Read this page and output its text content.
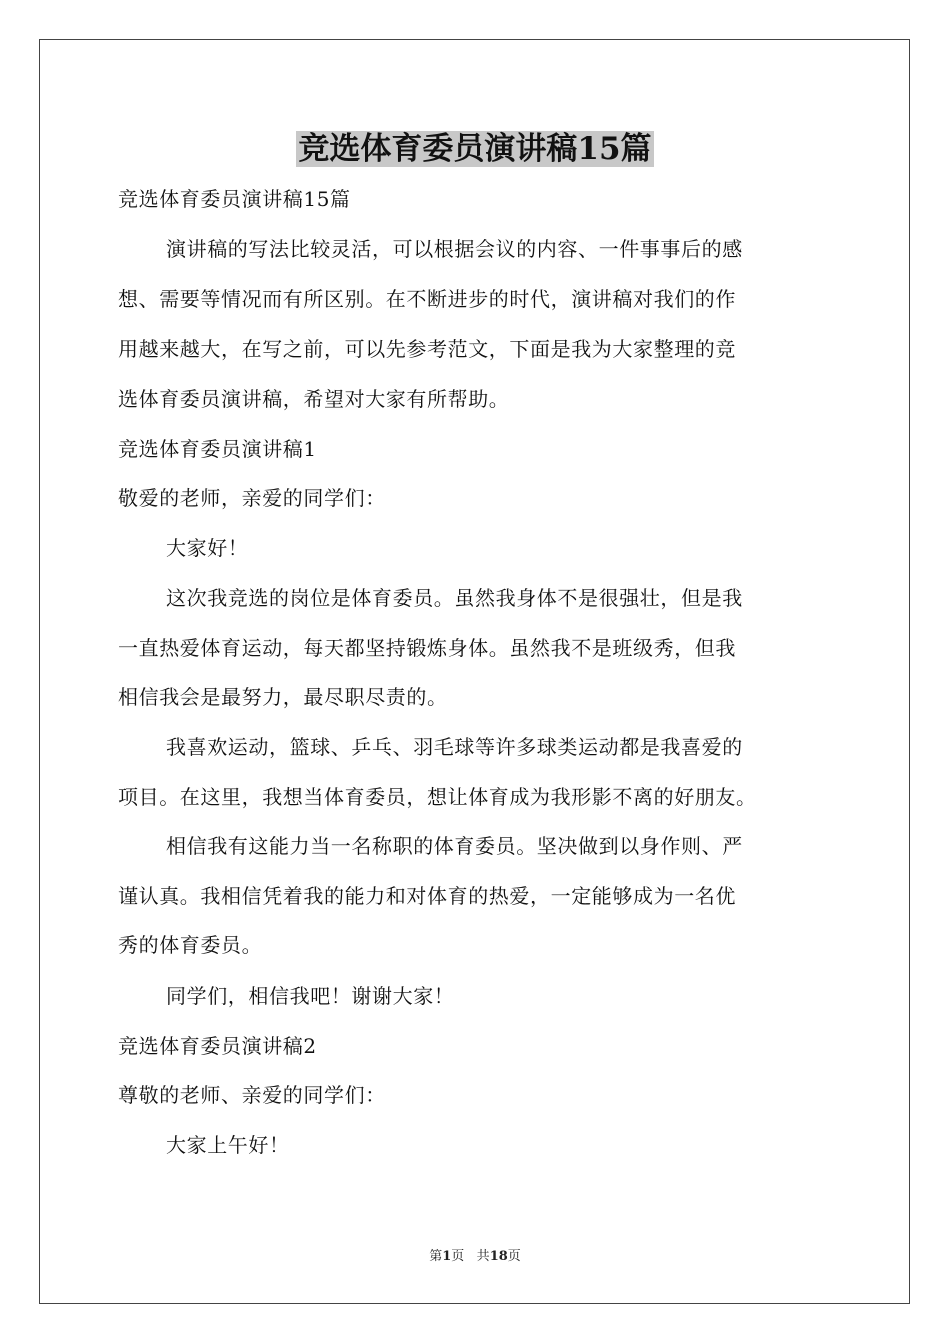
竞选体育委员演讲稿15篇
竞选体育委员演讲稿15篇
演讲稿的写法比较灵活，可以根据会议的内容、一件事事后的感
想、需要等情况而有所区别。在不断进步的时代，演讲稿对我们的作
用越来越大，在写之前，可以先参考范文，下面是我为大家整理的竞
选体育委员演讲稿，希望对大家有所帮助。
竞选体育委员演讲稿1
敬爱的老师，亲爱的同学们：
大家好！
这次我竞选的岗位是体育委员。虽然我身体不是很强壮，但是我
一直热爱体育运动，每天都坚持锻炼身体。虽然我不是班级秀，但我
相信我会是最努力，最尽职尽责的。
我喜欢运动，篮球、乒乓、羽毛球等许多球类运动都是我喜爱的
项目。在这里，我想当体育委员，想让体育成为我形影不离的好朋友。
相信我有这能力当一名称职的体育委员。坚决做到以身作则、严
谨认真。我相信凭着我的能力和对体育的热爱，一定能够成为一名优
秀的体育委员。
同学们，相信我吧！谢谢大家！
竞选体育委员演讲稿2
尊敬的老师、亲爱的同学们：
大家上午好！
第1页 共18页
